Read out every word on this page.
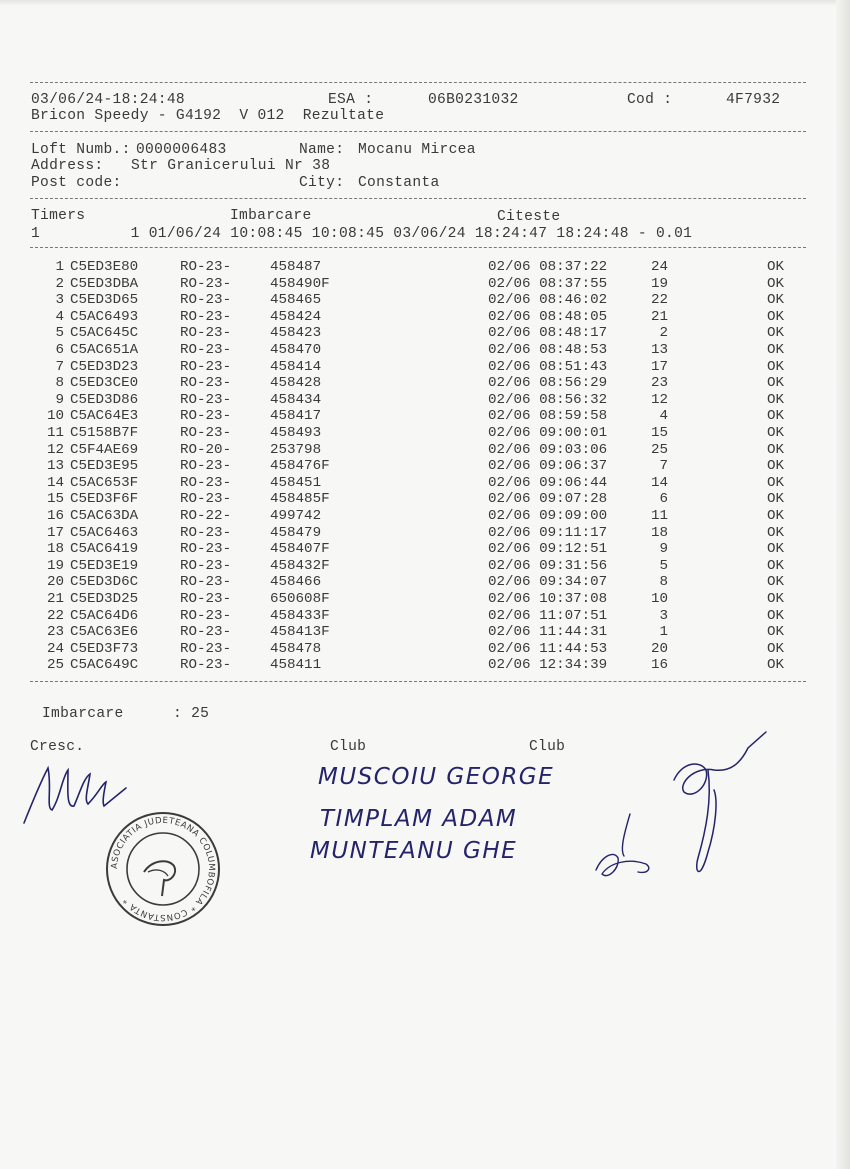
03/06/24-18:24:48	ESA :	06B0231032	Cod :	4F7932
Bricon Speedy - G4192  V 012  Rezultate
Loft Numb.: 0000006483	Name: Mocanu Mircea
Address: Str Granicerului Nr 38
Post code:	City: Constanta
Timers	Imbarcare	Citeste
1          1 01/06/24 10:08:45 10:08:45 03/06/24 18:24:47 18:24:48 - 0.01
1 C5ED3E80	RO-23-	458487	02/06 08:37:22	24	OK
2 C5ED3DBA	RO-23-	458490F	02/06 08:37:55	19	OK
3 C5ED3D65	RO-23-	458465	02/06 08:46:02	22	OK
4 C5AC6493	RO-23-	458424	02/06 08:48:05	21	OK
5 C5AC645C	RO-23-	458423	02/06 08:48:17	2	OK
6 C5AC651A	RO-23-	458470	02/06 08:48:53	13	OK
7 C5ED3D23	RO-23-	458414	02/06 08:51:43	17	OK
8 C5ED3CE0	RO-23-	458428	02/06 08:56:29	23	OK
9 C5ED3D86	RO-23-	458434	02/06 08:56:32	12	OK
10 C5AC64E3	RO-23-	458417	02/06 08:59:58	4	OK
11 C5158B7F	RO-23-	458493	02/06 09:00:01	15	OK
12 C5F4AE69	RO-20-	253798	02/06 09:03:06	25	OK
13 C5ED3E95	RO-23-	458476F	02/06 09:06:37	7	OK
14 C5AC653F	RO-23-	458451	02/06 09:06:44	14	OK
15 C5ED3F6F	RO-23-	458485F	02/06 09:07:28	6	OK
16 C5AC63DA	RO-22-	499742	02/06 09:09:00	11	OK
17 C5AC6463	RO-23-	458479	02/06 09:11:17	18	OK
18 C5AC6419	RO-23-	458407F	02/06 09:12:51	9	OK
19 C5ED3E19	RO-23-	458432F	02/06 09:31:56	5	OK
20 C5ED3D6C	RO-23-	458466	02/06 09:34:07	8	OK
21 C5ED3D25	RO-23-	650608F	02/06 10:37:08	10	OK
22 C5AC64D6	RO-23-	458433F	02/06 11:07:51	3	OK
23 C5AC63E6	RO-23-	458413F	02/06 11:44:31	1	OK
24 C5ED3F73	RO-23-	458478	02/06 11:44:53	20	OK
25 C5AC649C	RO-23-	458411	02/06 12:34:39	16	OK
Imbarcare	: 25
Cresc.	Club	Club
MUSCOIU GEORGE
TIMPLAM ADAM
MUNTEANU GHE
ASOCIATIA JUDETEANA COLUMBOFILA * CONSTANTA *
